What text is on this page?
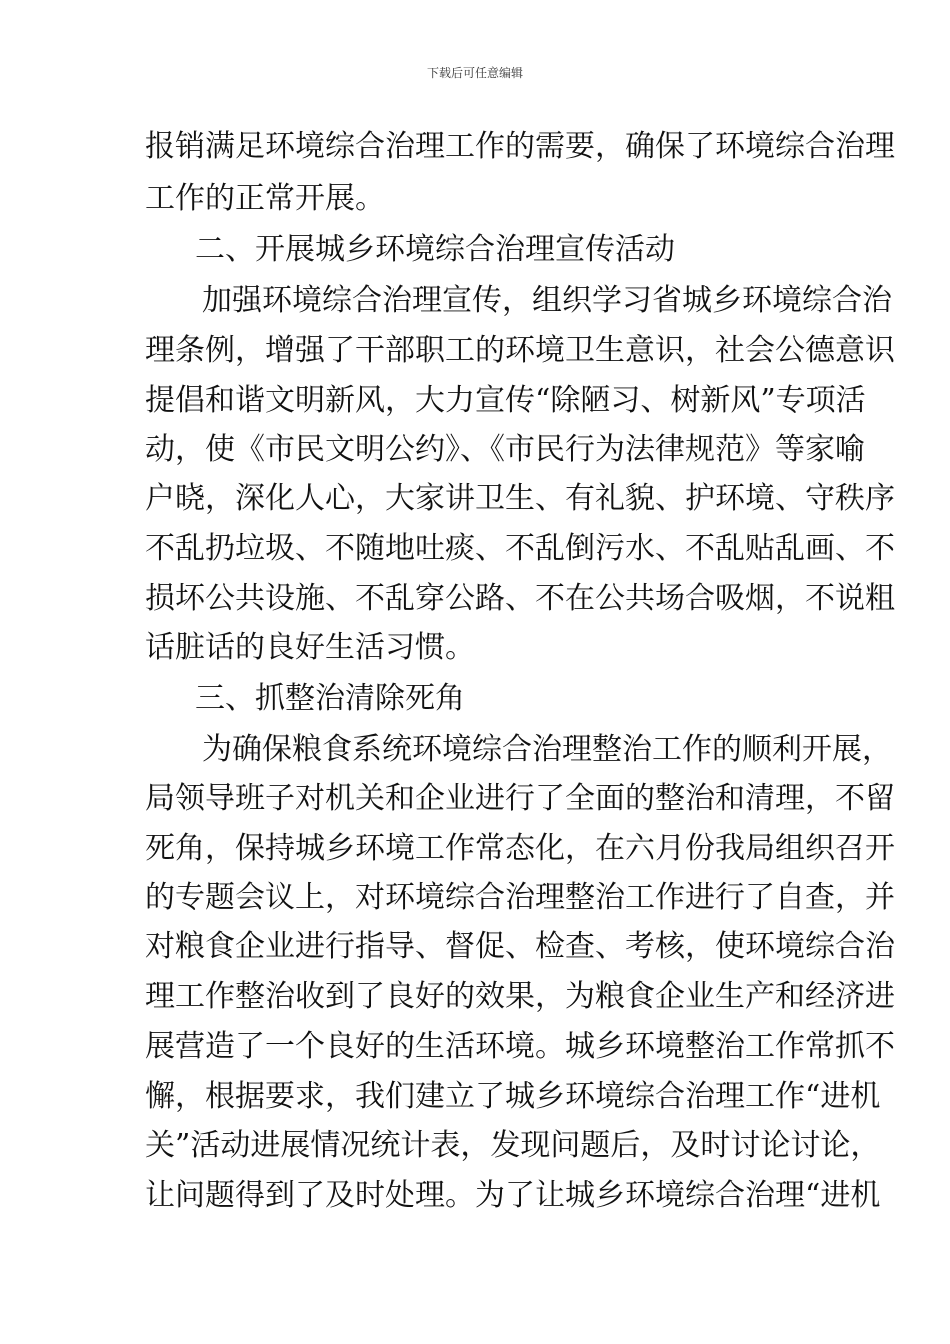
下载后可任意编辑
报销满足环境综合治理工作的需要，确保了环境综合治理
工作的正常开展。
二、开展城乡环境综合治理宣传活动
加强环境综合治理宣传，组织学习省城乡环境综合治
理条例，增强了干部职工的环境卫生意识，社会公德意识
提倡和谐文明新风，大力宣传“除陋习、树新风”专项活
动，使《市民文明公约》、《市民行为法律规范》等家喻
户晓，深化人心，大家讲卫生、有礼貌、护环境、守秩序
不乱扔垃圾、不随地吐痰、不乱倒污水、不乱贴乱画、不
损坏公共设施、不乱穿公路、不在公共场合吸烟，不说粗
话脏话的良好生活习惯。
三、抓整治清除死角
为确保粮食系统环境综合治理整治工作的顺利开展，
局领导班子对机关和企业进行了全面的整治和清理，不留
死角，保持城乡环境工作常态化，在六月份我局组织召开
的专题会议上，对环境综合治理整治工作进行了自查，并
对粮食企业进行指导、督促、检查、考核，使环境综合治
理工作整治收到了良好的效果，为粮食企业生产和经济进
展营造了一个良好的生活环境。城乡环境整治工作常抓不
懈，根据要求，我们建立了城乡环境综合治理工作“进机
关”活动进展情况统计表，发现问题后，及时讨论讨论，
让问题得到了及时处理。为了让城乡环境综合治理“进机
